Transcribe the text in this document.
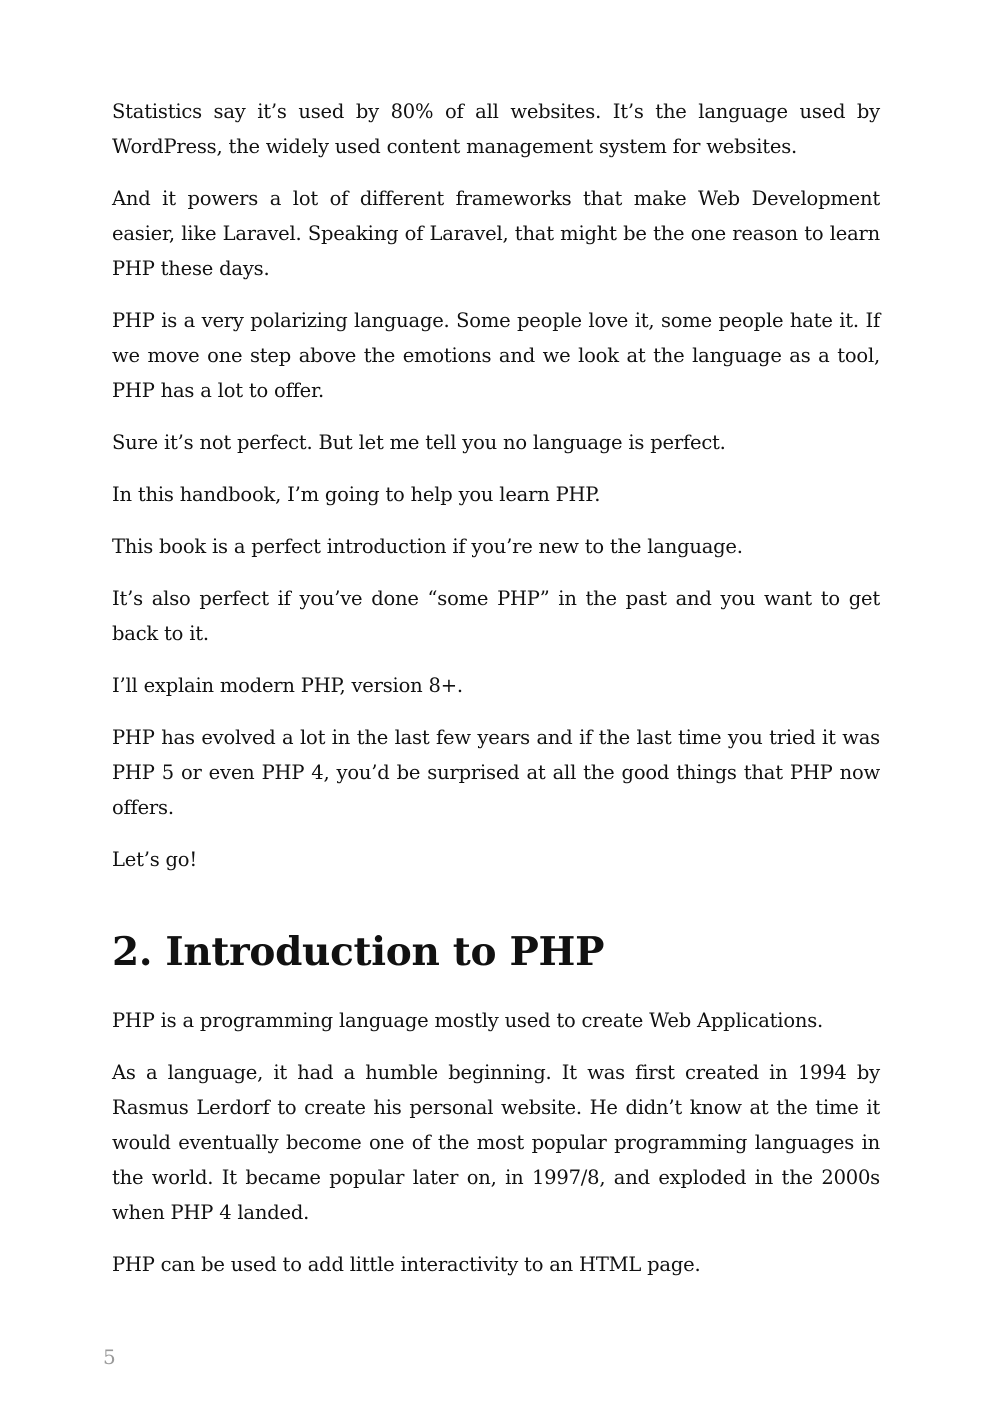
Statistics say it’s used by 80% of all websites. It’s the language used by WordPress, the widely used content management system for websites.

And it powers a lot of different frameworks that make Web Development easier, like Laravel. Speaking of Laravel, that might be the one reason to learn PHP these days.

PHP is a very polarizing language. Some people love it, some people hate it. If we move one step above the emotions and we look at the language as a tool, PHP has a lot to offer.

Sure it’s not perfect. But let me tell you no language is perfect.

In this handbook, I’m going to help you learn PHP.

This book is a perfect introduction if you’re new to the language.

It’s also perfect if you’ve done “some PHP” in the past and you want to get back to it.

I’ll explain modern PHP, version 8+.

PHP has evolved a lot in the last few years and if the last time you tried it was PHP 5 or even PHP 4, you’d be surprised at all the good things that PHP now offers.

Let’s go!

2. Introduction to PHP

PHP is a programming language mostly used to create Web Applications.

As a language, it had a humble beginning. It was first created in 1994 by Rasmus Lerdorf to create his personal website. He didn’t know at the time it would eventually become one of the most popular programming languages in the world. It became popular later on, in 1997/8, and exploded in the 2000s when PHP 4 landed.

PHP can be used to add little interactivity to an HTML page.

5
